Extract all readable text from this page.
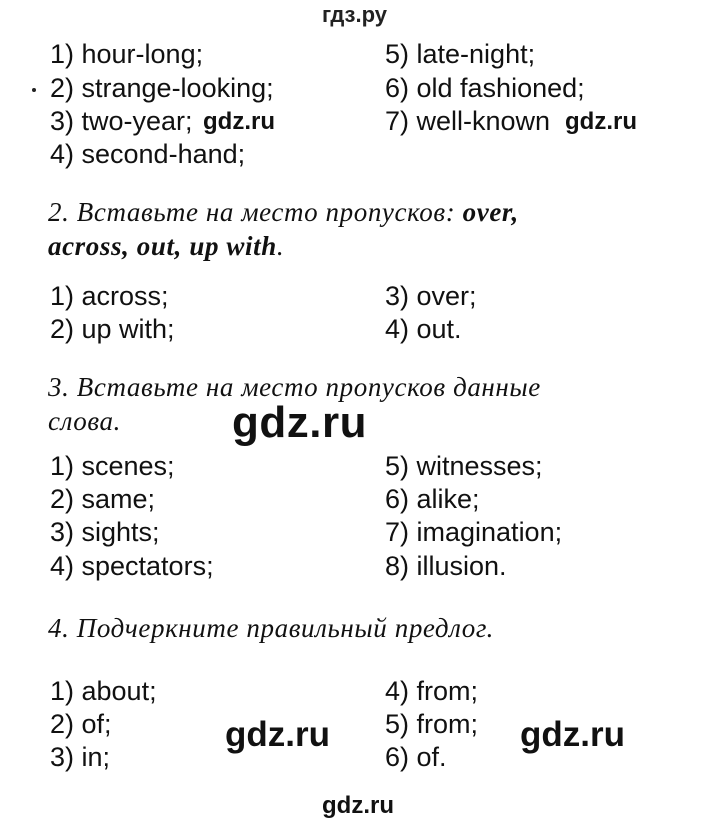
гдз.ру
1) hour-long;
2) strange-looking;
3) two-year; gdz.ru
4) second-hand;
5) late-night;
6) old fashioned;
7) well-known gdz.ru
2. Вставьте на место пропусков: over,
across, out, up with.
1) across;
2) up with;
3) over;
4) out.
3. Вставьте на место пропусков данные
слова.	gdz.ru
1) scenes;
2) same;
3) sights;
4) spectators;
5) witnesses;
6) alike;
7) imagination;
8) illusion.
4. Подчеркните правильный предлог.
1) about;
2) of;
3) in;
4) from;
5) from;
6) of.
gdz.ru	gdz.ru
gdz.ru
